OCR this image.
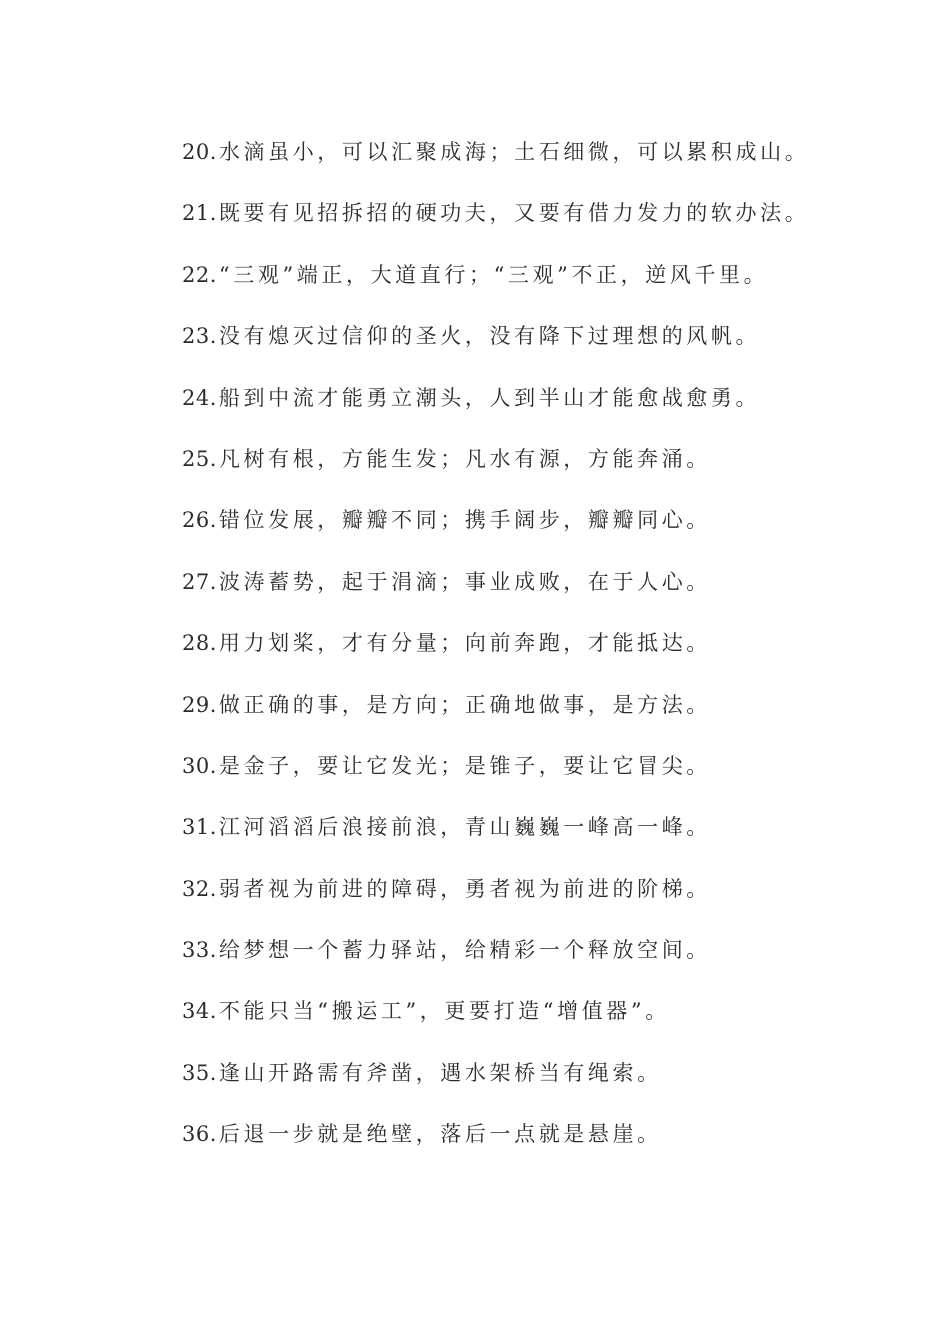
20.水滴虽小，可以汇聚成海；土石细微，可以累积成山。
21.既要有见招拆招的硬功夫，又要有借力发力的软办法。
22.“三观”端正，大道直行；“三观”不正，逆风千里。
23.没有熄灭过信仰的圣火，没有降下过理想的风帆。
24.船到中流才能勇立潮头，人到半山才能愈战愈勇。
25.凡树有根，方能生发；凡水有源，方能奔涌。
26.错位发展，瓣瓣不同；携手阔步，瓣瓣同心。
27.波涛蓄势，起于涓滴；事业成败，在于人心。
28.用力划桨，才有分量；向前奔跑，才能抵达。
29.做正确的事，是方向；正确地做事，是方法。
30.是金子，要让它发光；是锥子，要让它冒尖。
31.江河滔滔后浪接前浪，青山巍巍一峰高一峰。
32.弱者视为前进的障碍，勇者视为前进的阶梯。
33.给梦想一个蓄力驿站，给精彩一个释放空间。
34.不能只当“搬运工”，更要打造“增值器”。
35.逢山开路需有斧凿，遇水架桥当有绳索。
36.后退一步就是绝壁，落后一点就是悬崖。
